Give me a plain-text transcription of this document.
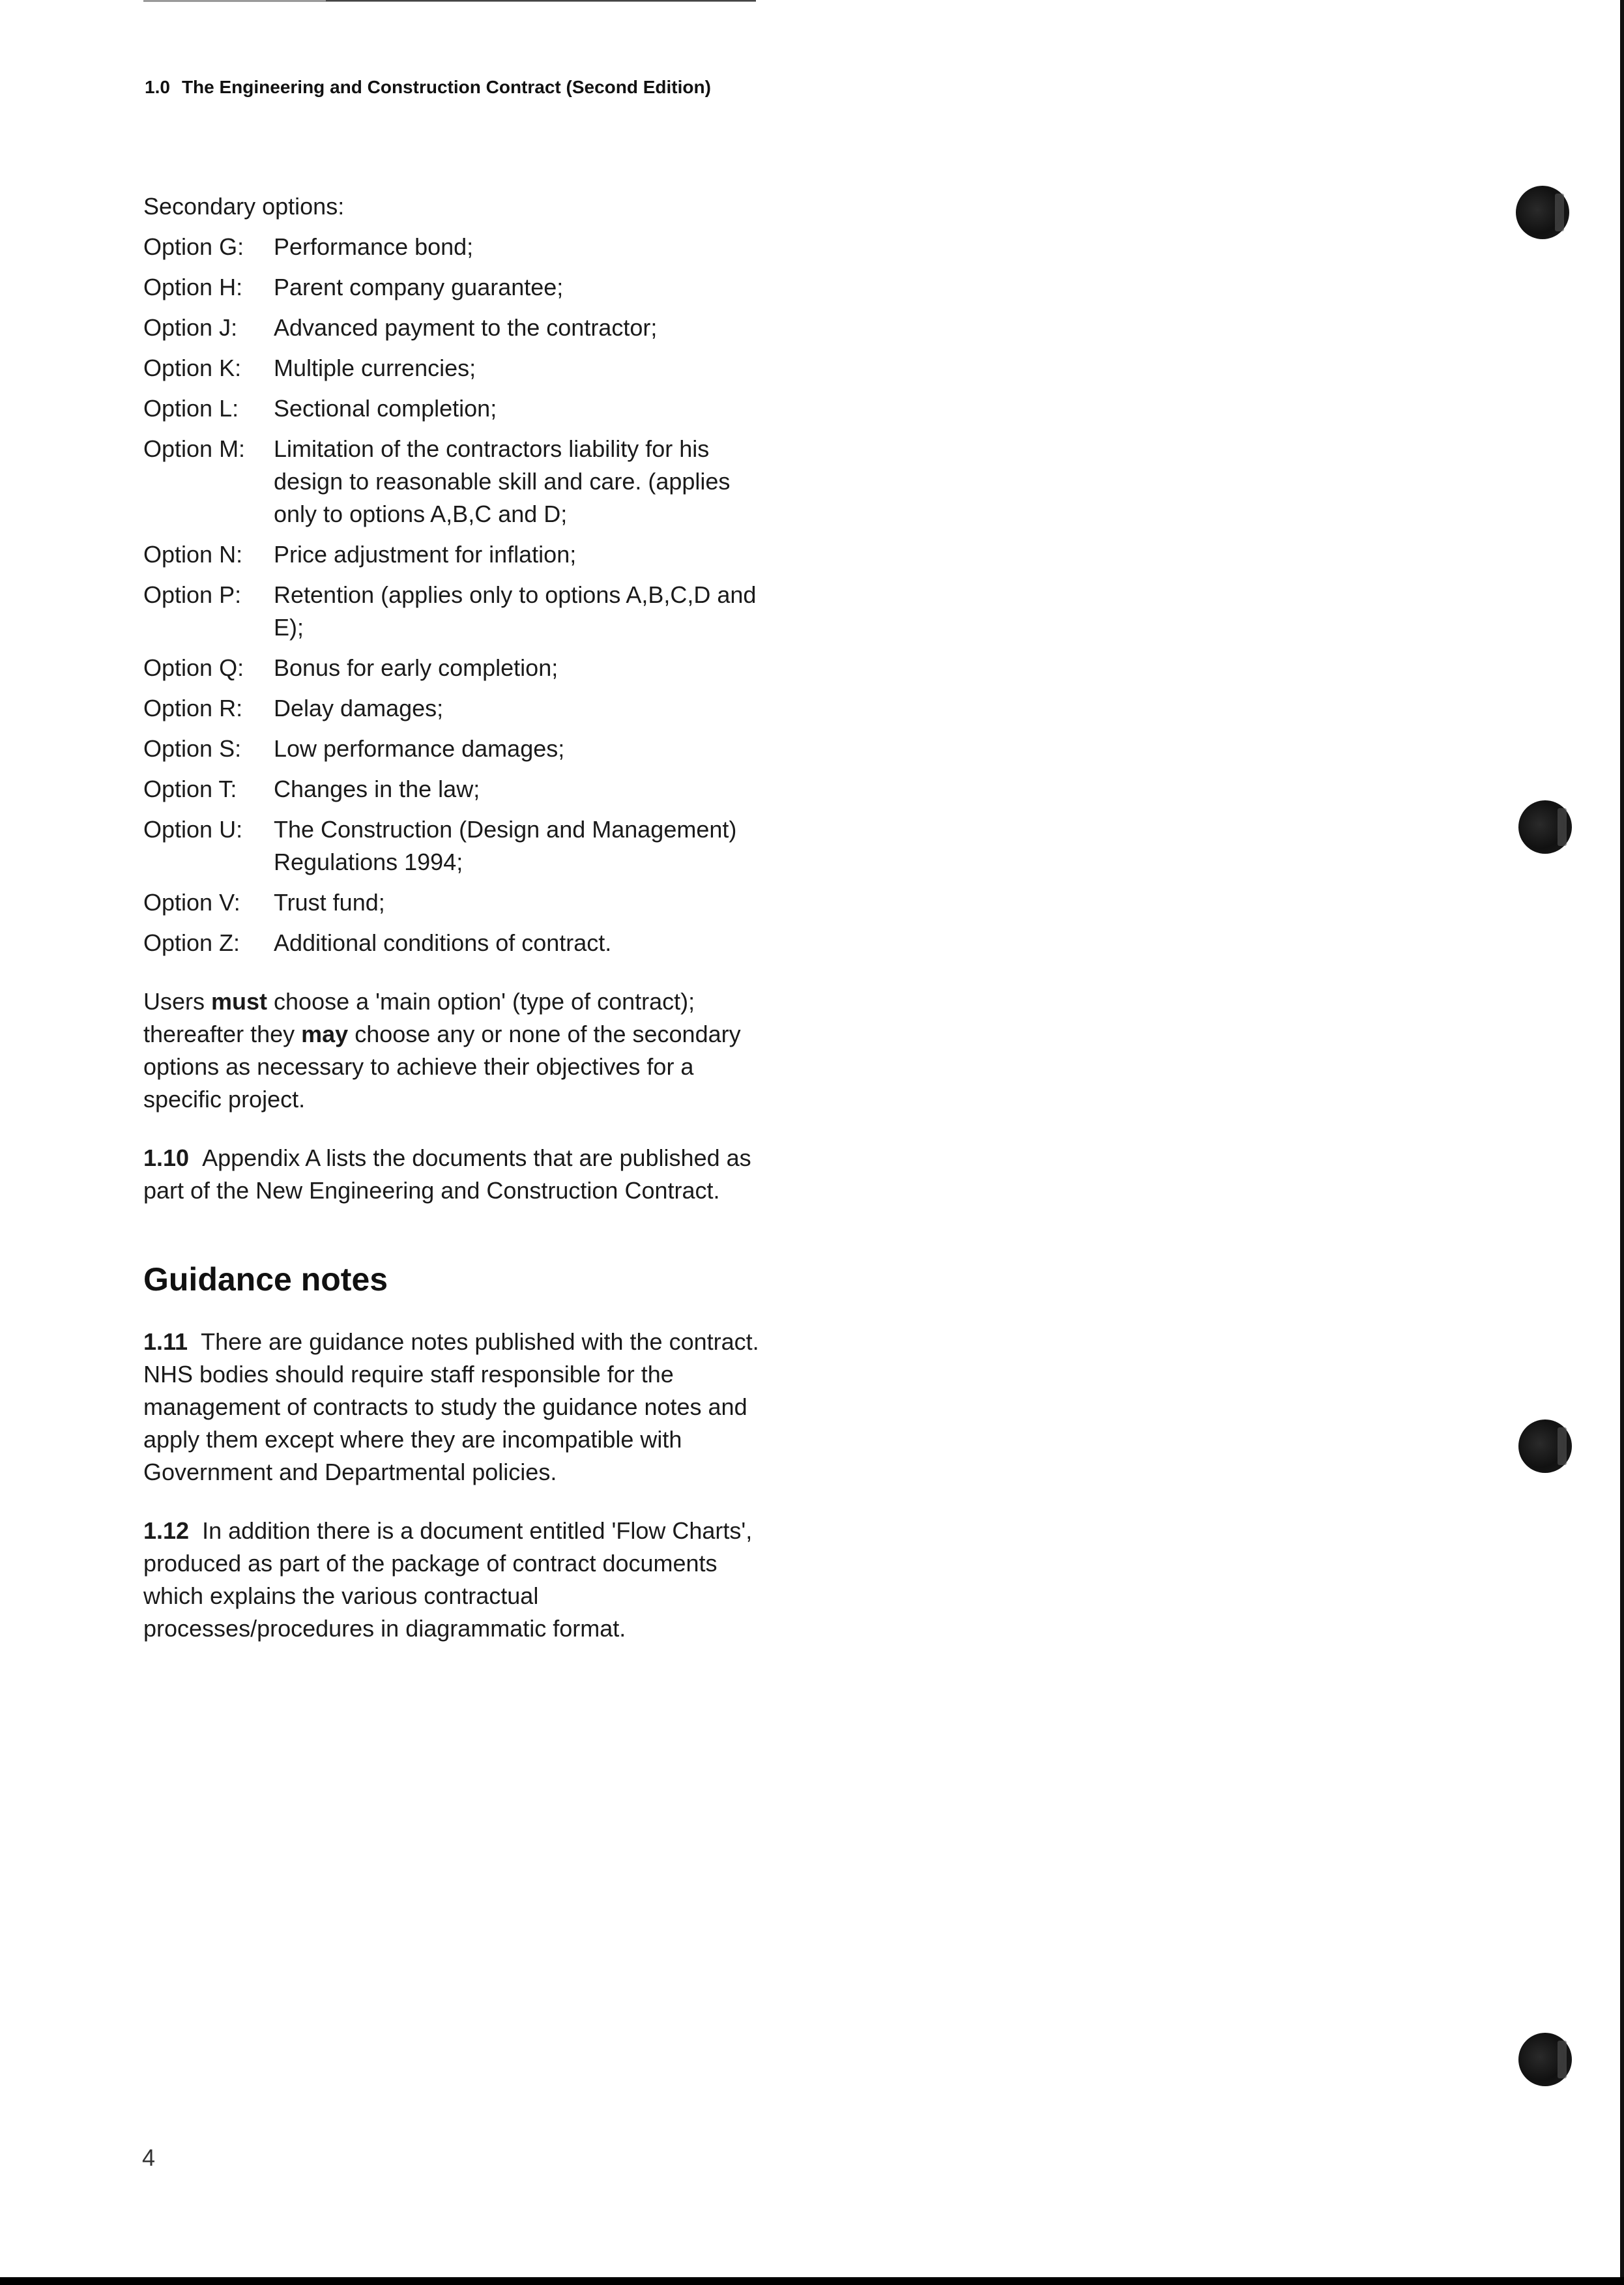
1.0 The Engineering and Construction Contract (Second Edition)
Secondary options:
Option G:	Performance bond;
Option H:	Parent company guarantee;
Option J:	Advanced payment to the contractor;
Option K:	Multiple currencies;
Option L:	Sectional completion;
Option M:	Limitation of the contractors liability for his design to reasonable skill and care. (applies only to options A,B,C and D;
Option N:	Price adjustment for inflation;
Option P:	Retention (applies only to options A,B,C,D and E);
Option Q:	Bonus for early completion;
Option R:	Delay damages;
Option S:	Low performance damages;
Option T:	Changes in the law;
Option U:	The Construction (Design and Management) Regulations 1994;
Option V:	Trust fund;
Option Z:	Additional conditions of contract.

Users must choose a 'main option' (type of contract); thereafter they may choose any or none of the secondary options as necessary to achieve their objectives for a specific project.

1.10 Appendix A lists the documents that are published as part of the New Engineering and Construction Contract.

Guidance notes

1.11 There are guidance notes published with the contract. NHS bodies should require staff responsible for the management of contracts to study the guidance notes and apply them except where they are incompatible with Government and Departmental policies.

1.12 In addition there is a document entitled 'Flow Charts', produced as part of the package of contract documents which explains the various contractual processes/procedures in diagrammatic format.

4
